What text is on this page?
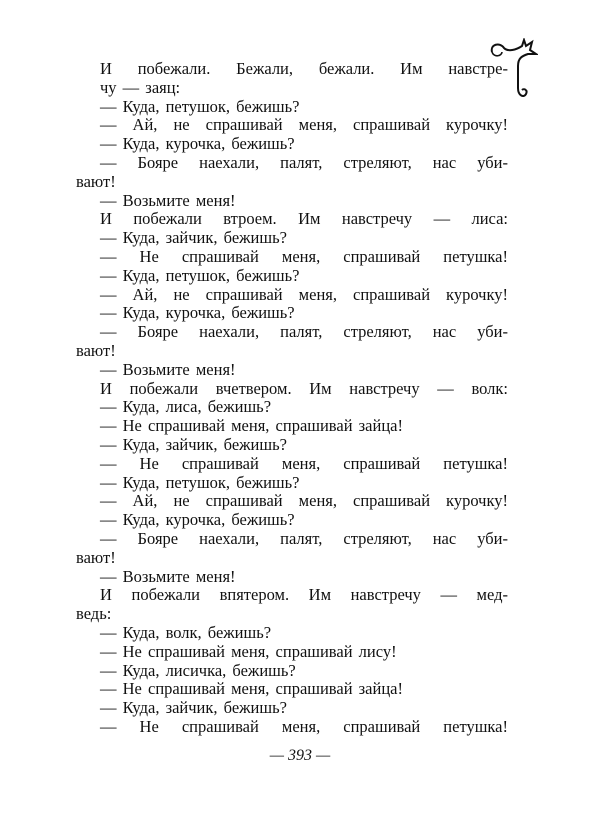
И побежали. Бежали, бежали. Им навстре-
чу — заяц:
— Куда, петушок, бежишь?
— Ай, не спрашивай меня, спрашивай курочку!
— Куда, курочка, бежишь?
— Бояре наехали, палят, стреляют, нас уби-
вают!
— Возьмите меня!
И побежали втроем. Им навстречу — лиса:
— Куда, зайчик, бежишь?
— Не спрашивай меня, спрашивай петушка!
— Куда, петушок, бежишь?
— Ай, не спрашивай меня, спрашивай курочку!
— Куда, курочка, бежишь?
— Бояре наехали, палят, стреляют, нас уби-
вают!
— Возьмите меня!
И побежали вчетвером. Им навстречу — волк:
— Куда, лиса, бежишь?
— Не спрашивай меня, спрашивай зайца!
— Куда, зайчик, бежишь?
— Не спрашивай меня, спрашивай петушка!
— Куда, петушок, бежишь?
— Ай, не спрашивай меня, спрашивай курочку!
— Куда, курочка, бежишь?
— Бояре наехали, палят, стреляют, нас уби-
вают!
— Возьмите меня!
И побежали впятером. Им навстречу — мед-
ведь:
— Куда, волк, бежишь?
— Не спрашивай меня, спрашивай лису!
— Куда, лисичка, бежишь?
— Не спрашивай меня, спрашивай зайца!
— Куда, зайчик, бежишь?
— Не спрашивай меня, спрашивай петушка!
— 393 —
